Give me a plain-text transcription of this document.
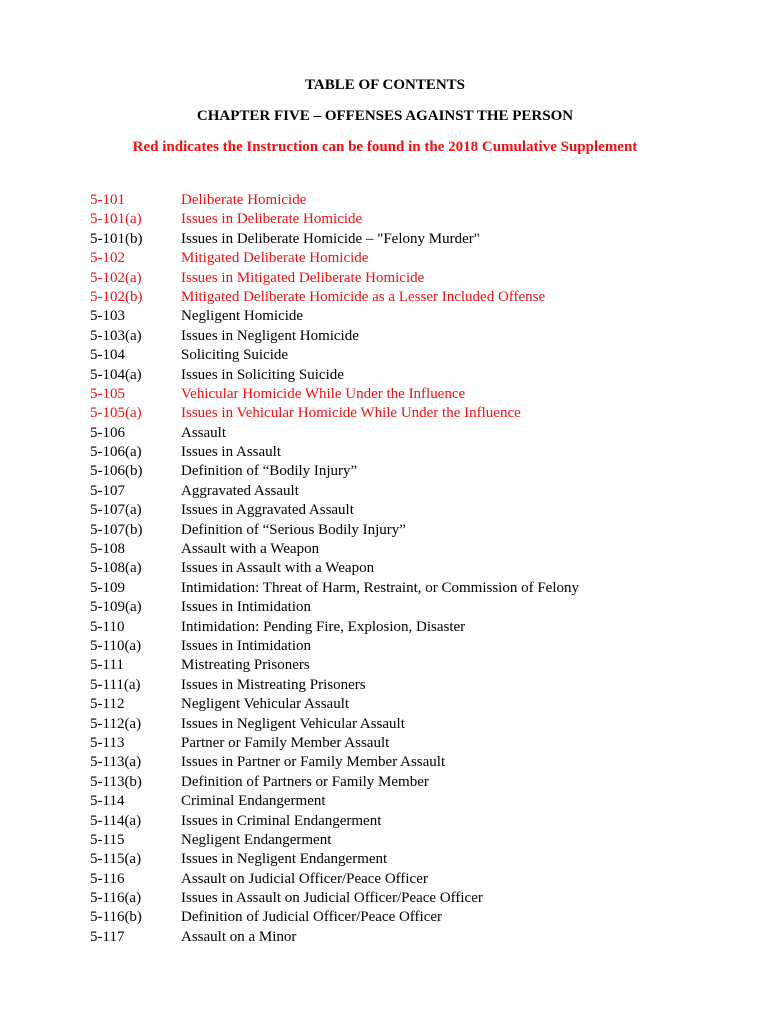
TABLE OF CONTENTS
CHAPTER FIVE – OFFENSES AGAINST THE PERSON
Red indicates the Instruction can be found in the 2018 Cumulative Supplement
5-101	Deliberate Homicide
5-101(a)	Issues in Deliberate Homicide
5-101(b)	Issues in Deliberate Homicide – "Felony Murder"
5-102	Mitigated Deliberate Homicide
5-102(a)	Issues in Mitigated Deliberate Homicide
5-102(b)	Mitigated Deliberate Homicide as a Lesser Included Offense
5-103	Negligent Homicide
5-103(a)	Issues in Negligent Homicide
5-104	Soliciting Suicide
5-104(a)	Issues in Soliciting Suicide
5-105	Vehicular Homicide While Under the Influence
5-105(a)	Issues in Vehicular Homicide While Under the Influence
5-106	Assault
5-106(a)	Issues in Assault
5-106(b)	Definition of “Bodily Injury”
5-107	Aggravated Assault
5-107(a)	Issues in Aggravated Assault
5-107(b)	Definition of “Serious Bodily Injury”
5-108	Assault with a Weapon
5-108(a)	Issues in Assault with a Weapon
5-109	Intimidation: Threat of Harm, Restraint, or Commission of Felony
5-109(a)	Issues in Intimidation
5-110	Intimidation: Pending Fire, Explosion, Disaster
5-110(a)	Issues in Intimidation
5-111	Mistreating Prisoners
5-111(a)	Issues in Mistreating Prisoners
5-112	Negligent Vehicular Assault
5-112(a)	Issues in Negligent Vehicular Assault
5-113	Partner or Family Member Assault
5-113(a)	Issues in Partner or Family Member Assault
5-113(b)	Definition of Partners or Family Member
5-114	Criminal Endangerment
5-114(a)	Issues in Criminal Endangerment
5-115	Negligent Endangerment
5-115(a)	Issues in Negligent Endangerment
5-116	Assault on Judicial Officer/Peace Officer
5-116(a)	Issues in Assault on Judicial Officer/Peace Officer
5-116(b)	Definition of Judicial Officer/Peace Officer
5-117	Assault on a Minor
